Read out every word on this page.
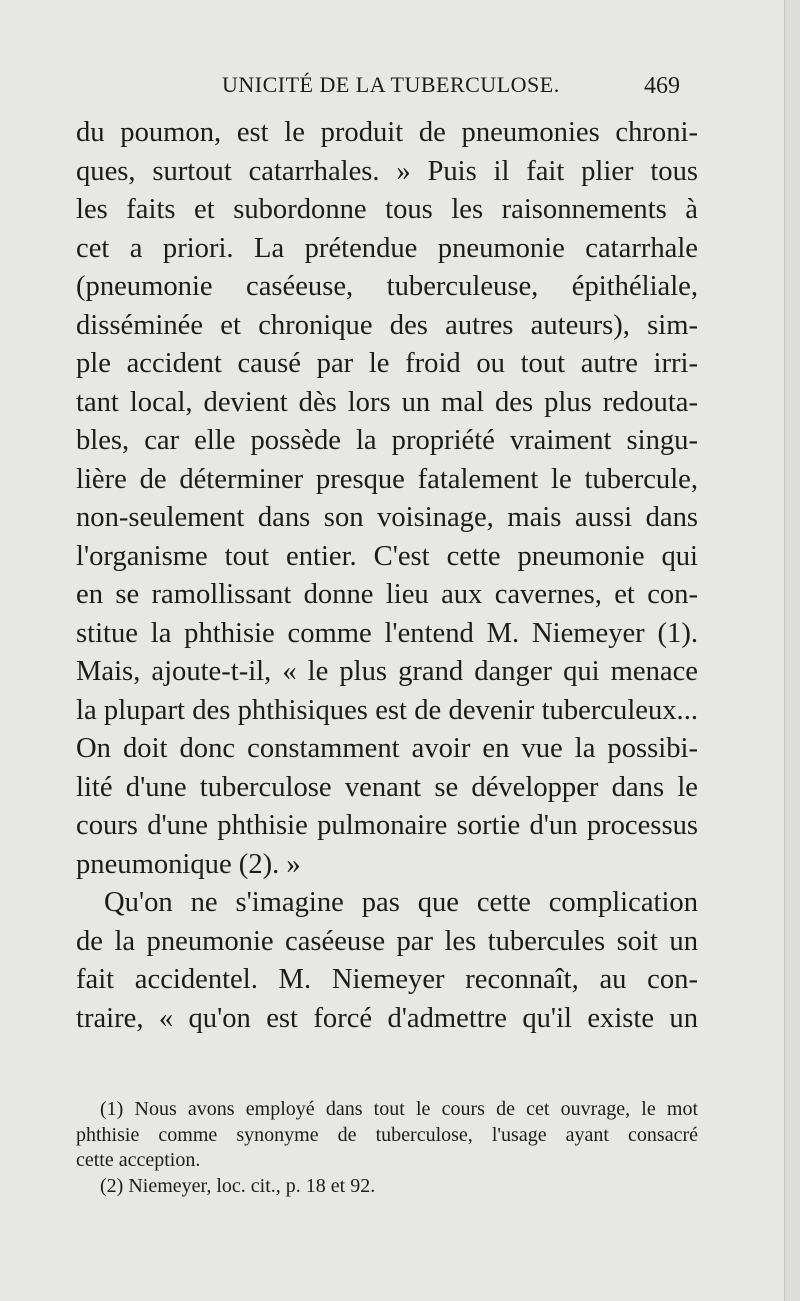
UNICITÉ DE LA TUBERCULOSE.	469

du poumon, est le produit de pneumonies chroni-

ques, surtout catarrhales. » Puis il fait plier tous

les faits et subordonne tous les raisonnements à

cet a priori. La prétendue pneumonie catarrhale

(pneumonie caséeuse, tuberculeuse, épithéliale,

disséminée et chronique des autres auteurs), sim-

ple accident causé par le froid ou tout autre irri-

tant local, devient dès lors un mal des plus redouta-

bles, car elle possède la propriété vraiment singu-

lière de déterminer presque fatalement le tubercule,

non-seulement dans son voisinage, mais aussi dans

l'organisme tout entier. C'est cette pneumonie qui

en se ramollissant donne lieu aux cavernes, et con-

stitue la phthisie comme l'entend M. Niemeyer (1).

Mais, ajoute-t-il, « le plus grand danger qui menace

la plupart des phthisiques est de devenir tuberculeux...

On doit donc constamment avoir en vue la possibi-

lité d'une tuberculose venant se développer dans le

cours d'une phthisie pulmonaire sortie d'un processus

pneumonique (2). »

Qu'on ne s'imagine pas que cette complication

de la pneumonie caséeuse par les tubercules soit un

fait accidentel. M. Niemeyer reconnaît, au con-

traire, « qu'on est forcé d'admettre qu'il existe un

(1) Nous avons employé dans tout le cours de cet ouvrage, le mot

phthisie comme synonyme de tuberculose, l'usage ayant consacré

cette acception.

(2) Niemeyer, loc. cit., p. 18 et 92.
